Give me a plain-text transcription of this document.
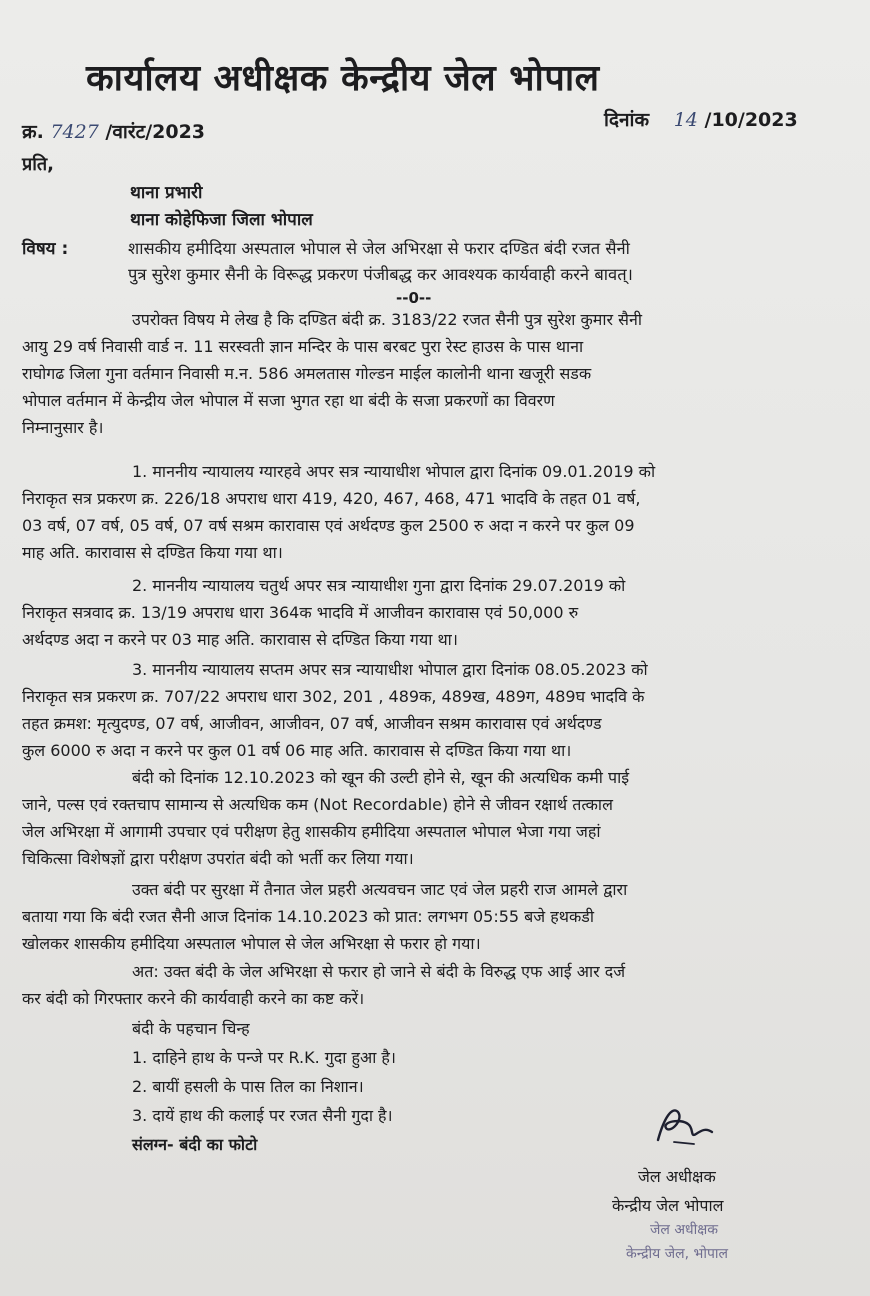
कार्यालय अधीक्षक केन्द्रीय जेल भोपाल
क्र. 7427 /वारंट/2023
दिनांक 14 /10/2023
प्रति,
थाना प्रभारी
थाना कोहेफिजा जिला भोपाल
विषय :	शासकीय हमीदिया अस्पताल भोपाल से जेल अभिरक्षा से फरार दण्डित बंदी रजत सैनी
पुत्र सुरेश कुमार सैनी के विरूद्ध प्रकरण पंजीबद्ध कर आवश्यक कार्यवाही करने बावत्।
--0--
उपरोक्त विषय मे लेख है कि दण्डित बंदी क्र. 3183/22 रजत सैनी पुत्र सुरेश कुमार सैनी
आयु 29 वर्ष निवासी वार्ड न. 11 सरस्वती ज्ञान मन्दिर के पास बरबट पुरा रेस्ट हाउस के पास थाना
राघोगढ जिला गुना वर्तमान निवासी म.न. 586 अमलतास गोल्डन माईल कालोनी थाना खजूरी सडक
भोपाल वर्तमान में केन्द्रीय जेल भोपाल में सजा भुगत रहा था बंदी के सजा प्रकरणों का विवरण
निम्नानुसार है।
1. माननीय न्यायालय ग्यारहवे अपर सत्र न्यायाधीश भोपाल द्वारा दिनांक 09.01.2019 को
निराकृत सत्र प्रकरण क्र. 226/18 अपराध धारा 419, 420, 467, 468, 471 भादवि के तहत 01 वर्ष,
03 वर्ष, 07 वर्ष, 05 वर्ष, 07 वर्ष सश्रम कारावास एवं अर्थदण्ड कुल 2500 रु अदा न करने पर कुल 09
माह अति. कारावास से दण्डित किया गया था।
2. माननीय न्यायालय चतुर्थ अपर सत्र न्यायाधीश गुना द्वारा दिनांक 29.07.2019 को
निराकृत सत्रवाद क्र. 13/19 अपराध धारा 364क भादवि में आजीवन कारावास एवं 50,000 रु
अर्थदण्ड अदा न करने पर 03 माह अति. कारावास से दण्डित किया गया था।
3. माननीय न्यायालय सप्तम अपर सत्र न्यायाधीश भोपाल द्वारा दिनांक 08.05.2023 को
निराकृत सत्र प्रकरण क्र. 707/22 अपराध धारा 302, 201 , 489क, 489ख, 489ग, 489घ भादवि के
तहत क्रमश: मृत्युदण्ड, 07 वर्ष, आजीवन, आजीवन, 07 वर्ष, आजीवन सश्रम कारावास एवं अर्थदण्ड
कुल 6000 रु अदा न करने पर कुल 01 वर्ष 06 माह अति. कारावास से दण्डित किया गया था।
बंदी को दिनांक 12.10.2023 को खून की उल्टी होने से, खून की अत्यधिक कमी पाई
जाने, पल्स एवं रक्तचाप सामान्य से अत्यधिक कम (Not Recordable) होने से जीवन रक्षार्थ तत्काल
जेल अभिरक्षा में आगामी उपचार एवं परीक्षण हेतु शासकीय हमीदिया अस्पताल भोपाल भेजा गया जहां
चिकित्सा विशेषज्ञों द्वारा परीक्षण उपरांत बंदी को भर्ती कर लिया गया।
उक्त बंदी पर सुरक्षा में तैनात जेल प्रहरी अत्यवचन जाट एवं जेल प्रहरी राज आमले द्वारा
बताया गया कि बंदी रजत सैनी आज दिनांक 14.10.2023 को प्रात: लगभग 05:55 बजे हथकडी
खोलकर शासकीय हमीदिया अस्पताल भोपाल से जेल अभिरक्षा से फरार हो गया।
अत: उक्त बंदी के जेल अभिरक्षा से फरार हो जाने से बंदी के विरुद्ध एफ आई आर दर्ज
कर बंदी को गिरफ्तार करने की कार्यवाही करने का कष्ट करें।
बंदी के पहचान चिन्ह
1. दाहिने हाथ के पन्जे पर R.K. गुदा हुआ है।
2. बायीं हसली के पास तिल का निशान।
3. दायें हाथ की कलाई पर रजत सैनी गुदा है।
संलग्न- बंदी का फोटो
जेल अधीक्षक
केन्द्रीय जेल भोपाल
जेल अधीक्षक
केन्द्रीय जेल, भोपाल
